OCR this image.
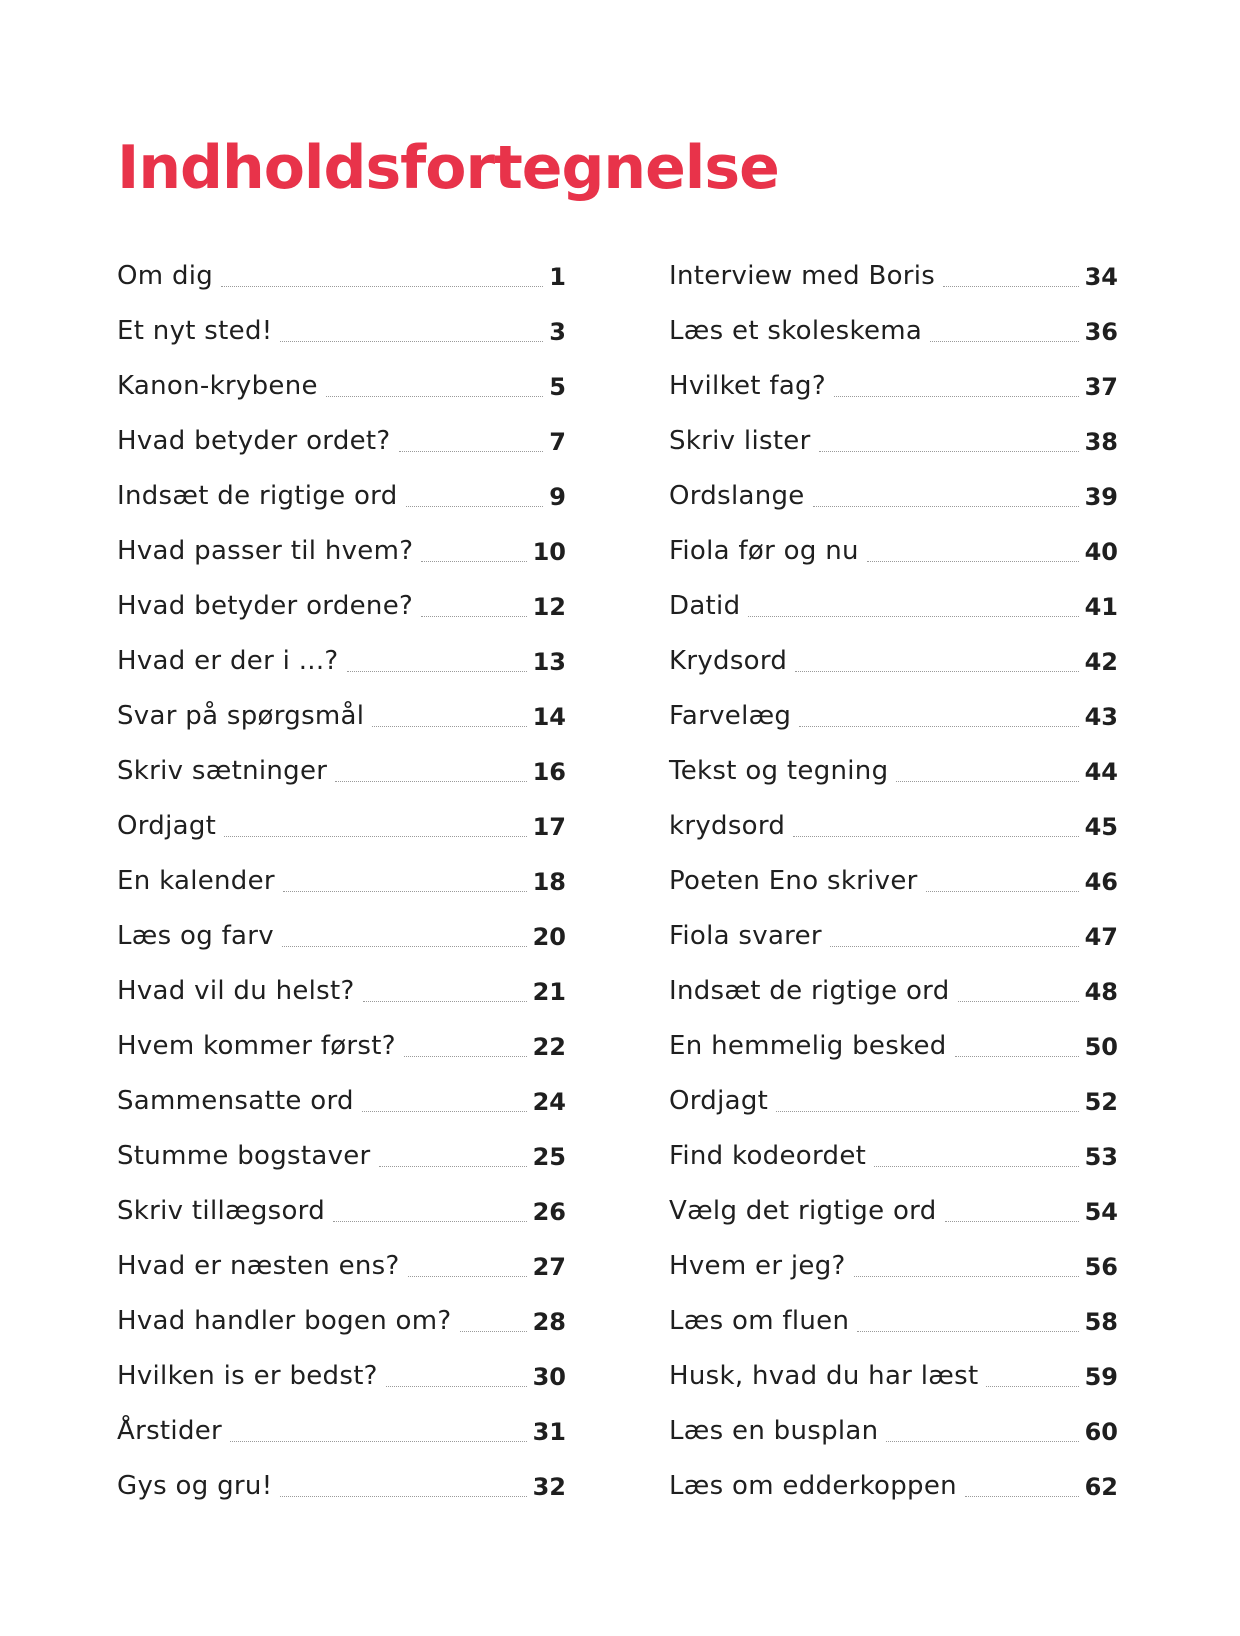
Indholdsfortegnelse
Om dig	1
Et nyt sted!	3
Kanon-krybene	5
Hvad betyder ordet?	7
Indsæt de rigtige ord	9
Hvad passer til hvem?	10
Hvad betyder ordene?	12
Hvad er der i ...?	13
Svar på spørgsmål	14
Skriv sætninger	16
Ordjagt	17
En kalender	18
Læs og farv	20
Hvad vil du helst?	21
Hvem kommer først?	22
Sammensatte ord	24
Stumme bogstaver	25
Skriv tillægsord	26
Hvad er næsten ens?	27
Hvad handler bogen om?	28
Hvilken is er bedst?	30
Årstider	31
Gys og gru!	32
Interview med Boris	34
Læs et skoleskema	36
Hvilket fag?	37
Skriv lister	38
Ordslange	39
Fiola før og nu	40
Datid	41
Krydsord	42
Farvelæg	43
Tekst og tegning	44
krydsord	45
Poeten Eno skriver	46
Fiola svarer	47
Indsæt de rigtige ord	48
En hemmelig besked	50
Ordjagt	52
Find kodeordet	53
Vælg det rigtige ord	54
Hvem er jeg?	56
Læs om fluen	58
Husk, hvad du har læst	59
Læs en busplan	60
Læs om edderkoppen	62
